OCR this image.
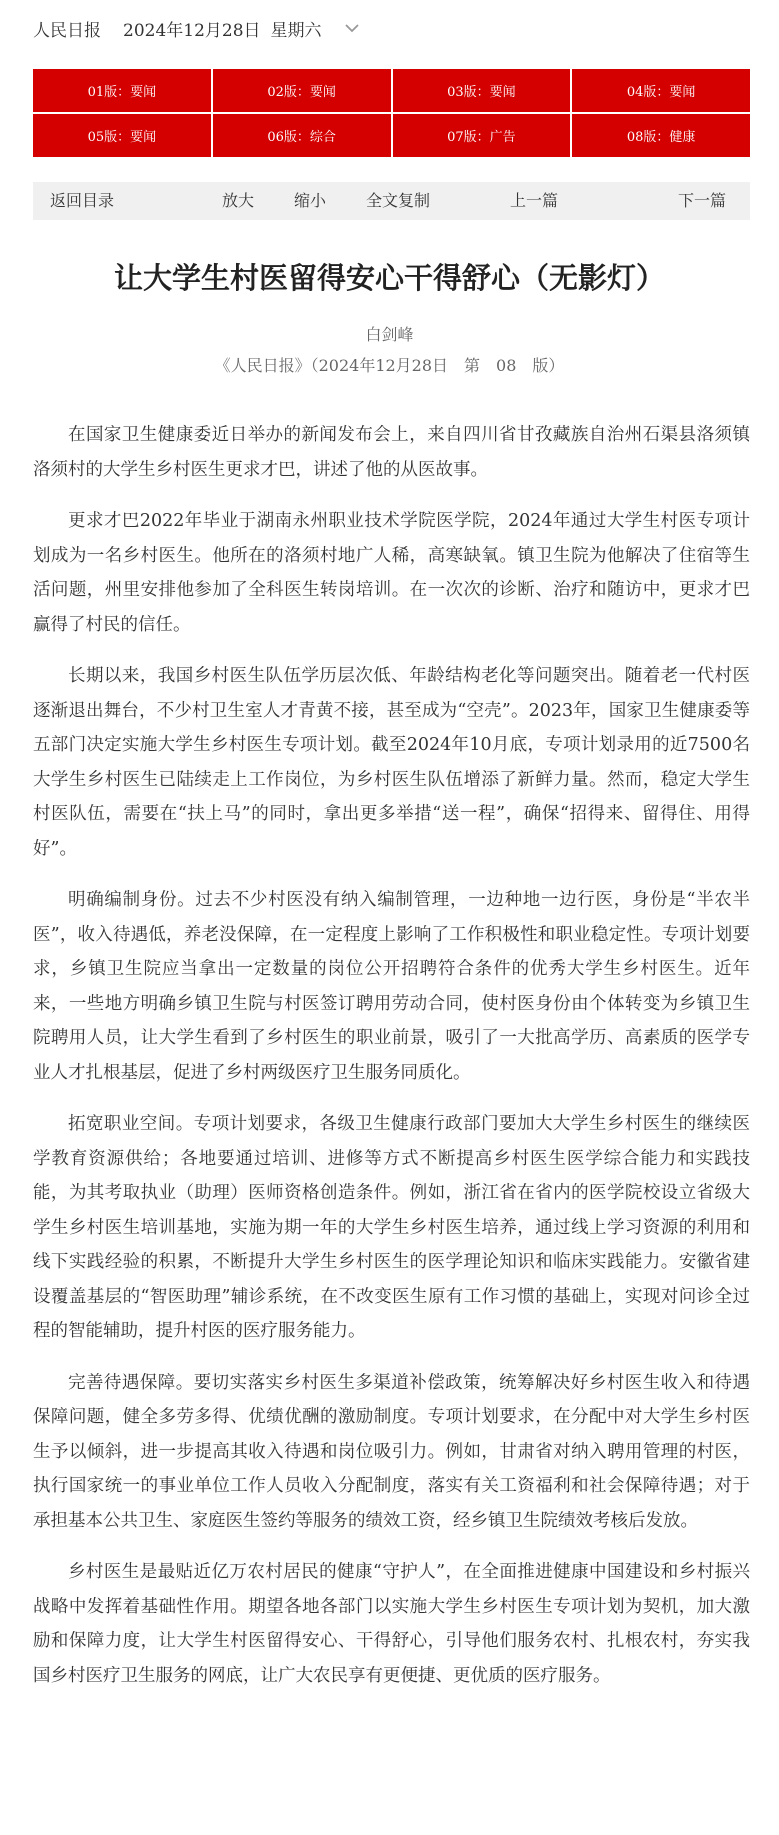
人民日报 2024年12月28日 星期六
01版：要闻	02版：要闻	03版：要闻	04版：要闻
05版：要闻	06版：综合	07版：广告	08版：健康
返回目录	放大 缩小 全文复制	上一篇	下一篇
让大学生村医留得安心干得舒心（无影灯）
白剑峰
《人民日报》（2024年12月28日　第　08　版）

在国家卫生健康委近日举办的新闻发布会上，来自四川省甘孜藏族自治州石渠县洛须镇洛须村的大学生乡村医生更求才巴，讲述了他的从医故事。

更求才巴2022年毕业于湖南永州职业技术学院医学院，2024年通过大学生村医专项计划成为一名乡村医生。他所在的洛须村地广人稀，高寒缺氧。镇卫生院为他解决了住宿等生活问题，州里安排他参加了全科医生转岗培训。在一次次的诊断、治疗和随访中，更求才巴赢得了村民的信任。

长期以来，我国乡村医生队伍学历层次低、年龄结构老化等问题突出。随着老一代村医逐渐退出舞台，不少村卫生室人才青黄不接，甚至成为“空壳”。2023年，国家卫生健康委等五部门决定实施大学生乡村医生专项计划。截至2024年10月底，专项计划录用的近7500名大学生乡村医生已陆续走上工作岗位，为乡村医生队伍增添了新鲜力量。然而，稳定大学生村医队伍，需要在“扶上马”的同时，拿出更多举措“送一程”，确保“招得来、留得住、用得好”。

明确编制身份。过去不少村医没有纳入编制管理，一边种地一边行医，身份是“半农半医”，收入待遇低，养老没保障，在一定程度上影响了工作积极性和职业稳定性。专项计划要求，乡镇卫生院应当拿出一定数量的岗位公开招聘符合条件的优秀大学生乡村医生。近年来，一些地方明确乡镇卫生院与村医签订聘用劳动合同，使村医身份由个体转变为乡镇卫生院聘用人员，让大学生看到了乡村医生的职业前景，吸引了一大批高学历、高素质的医学专业人才扎根基层，促进了乡村两级医疗卫生服务同质化。

拓宽职业空间。专项计划要求，各级卫生健康行政部门要加大大学生乡村医生的继续医学教育资源供给；各地要通过培训、进修等方式不断提高乡村医生医学综合能力和实践技能，为其考取执业（助理）医师资格创造条件。例如，浙江省在省内的医学院校设立省级大学生乡村医生培训基地，实施为期一年的大学生乡村医生培养，通过线上学习资源的利用和线下实践经验的积累，不断提升大学生乡村医生的医学理论知识和临床实践能力。安徽省建设覆盖基层的“智医助理”辅诊系统，在不改变医生原有工作习惯的基础上，实现对问诊全过程的智能辅助，提升村医的医疗服务能力。

完善待遇保障。要切实落实乡村医生多渠道补偿政策，统筹解决好乡村医生收入和待遇保障问题，健全多劳多得、优绩优酬的激励制度。专项计划要求，在分配中对大学生乡村医生予以倾斜，进一步提高其收入待遇和岗位吸引力。例如，甘肃省对纳入聘用管理的村医，执行国家统一的事业单位工作人员收入分配制度，落实有关工资福利和社会保障待遇；对于承担基本公共卫生、家庭医生签约等服务的绩效工资，经乡镇卫生院绩效考核后发放。

乡村医生是最贴近亿万农村居民的健康“守护人”，在全面推进健康中国建设和乡村振兴战略中发挥着基础性作用。期望各地各部门以实施大学生乡村医生专项计划为契机，加大激励和保障力度，让大学生村医留得安心、干得舒心，引导他们服务农村、扎根农村，夯实我国乡村医疗卫生服务的网底，让广大农民享有更便捷、更优质的医疗服务。
